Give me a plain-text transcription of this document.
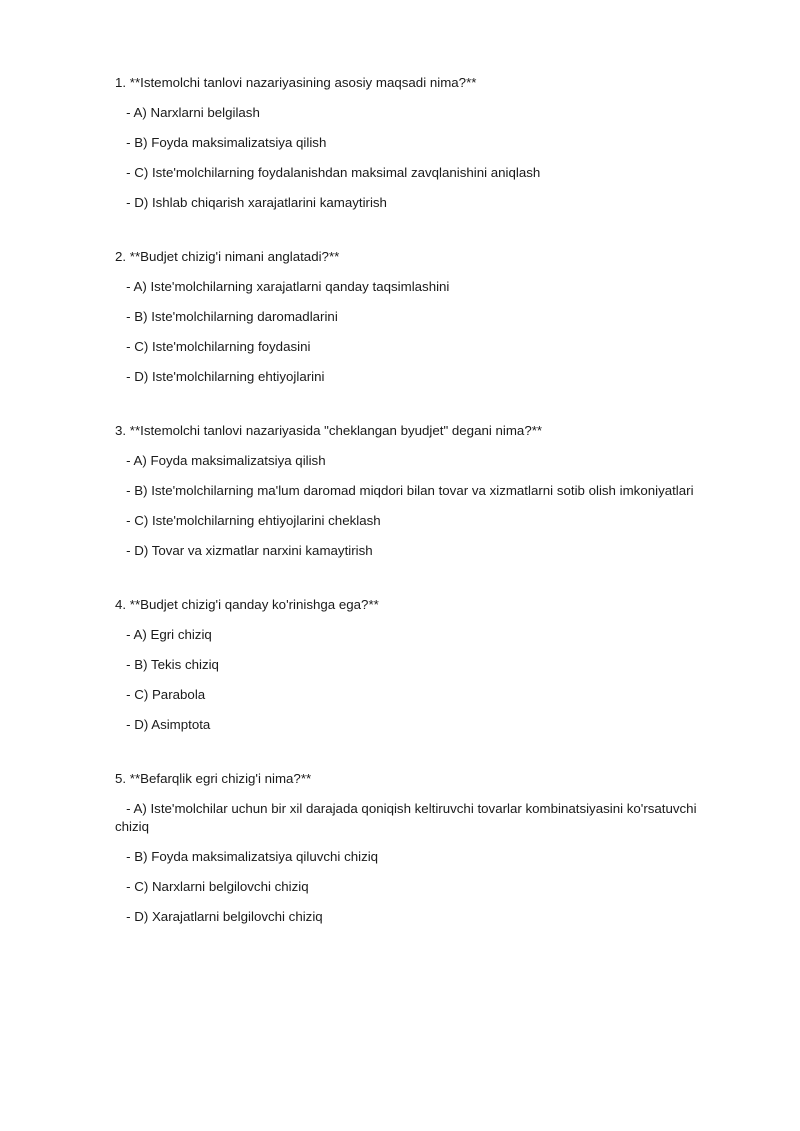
1. **Istemolchi tanlovi nazariyasining asosiy maqsadi nima?**
- A) Narxlarni belgilash
- B) Foyda maksimalizatsiya qilish
- C) Iste'molchilarning foydalanishdan maksimal zavqlanishini aniqlash
- D) Ishlab chiqarish xarajatlarini kamaytirish
2. **Budjet chizig'i nimani anglatadi?**
- A) Iste'molchilarning xarajatlarni qanday taqsimlashini
- B) Iste'molchilarning daromadlarini
- C) Iste'molchilarning foydasini
- D) Iste'molchilarning ehtiyojlarini
3. **Istemolchi tanlovi nazariyasida "cheklangan byudjet" degani nima?**
- A) Foyda maksimalizatsiya qilish
- B) Iste'molchilarning ma'lum daromad miqdori bilan tovar va xizmatlarni sotib olish imkoniyatlari
- C) Iste'molchilarning ehtiyojlarini cheklash
- D) Tovar va xizmatlar narxini kamaytirish
4. **Budjet chizig'i qanday ko'rinishga ega?**
- A) Egri chiziq
- B) Tekis chiziq
- C) Parabola
- D) Asimptota
5. **Befarqlik egri chizig'i nima?**
- A) Iste'molchilar uchun bir xil darajada qoniqish keltiruvchi tovarlar kombinatsiyasini ko'rsatuvchi chiziq
- B) Foyda maksimalizatsiya qiluvchi chiziq
- C) Narxlarni belgilovchi chiziq
- D) Xarajatlarni belgilovchi chiziq
